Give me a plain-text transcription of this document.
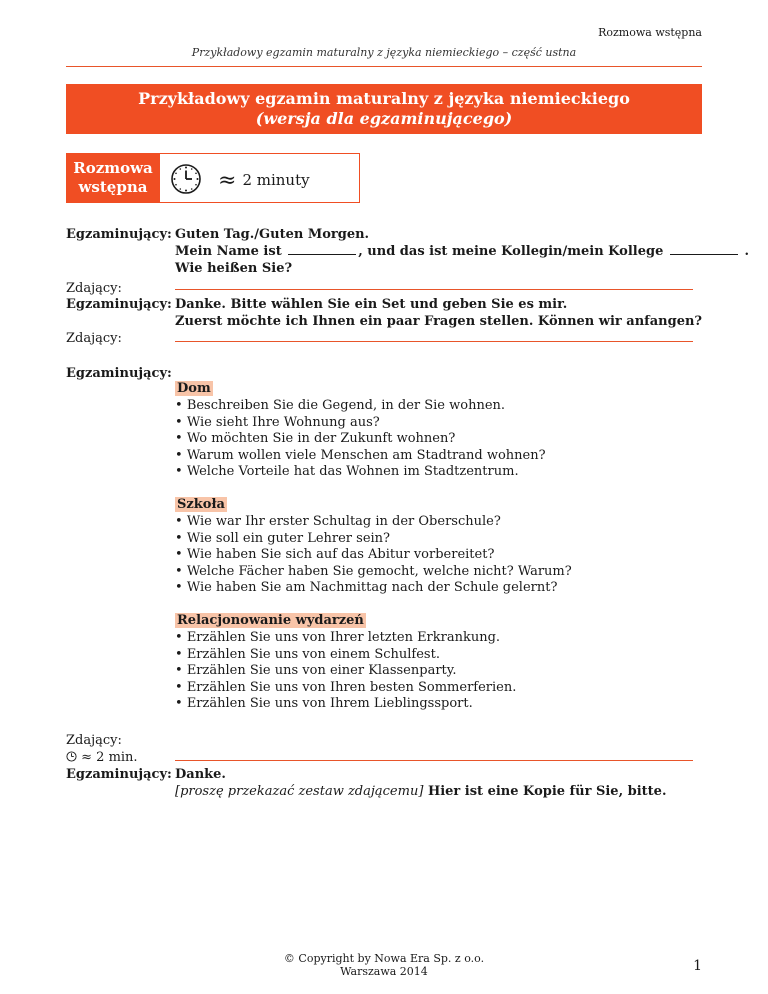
Rozmowa wstępna
Przykładowy egzamin maturalny z języka niemieckiego – część ustna
Przykładowy egzamin maturalny z języka niemieckiego
(wersja dla egzaminującego)
Rozmowa
wstępna	≈ 2 minuty
Egzaminujący: Guten Tag./Guten Morgen.
Mein Name ist	, und das ist meine Kollegin/mein Kollege	.
Wie heißen Sie?
Zdający:
Egzaminujący: Danke. Bitte wählen Sie ein Set und geben Sie es mir.
Zuerst möchte ich Ihnen ein paar Fragen stellen. Können wir anfangen?
Zdający:
Egzaminujący:
Dom
• Beschreiben Sie die Gegend, in der Sie wohnen.
• Wie sieht Ihre Wohnung aus?
• Wo möchten Sie in der Zukunft wohnen?
• Warum wollen viele Menschen am Stadtrand wohnen?
• Welche Vorteile hat das Wohnen im Stadtzentrum.
Szkoła
• Wie war Ihr erster Schultag in der Oberschule?
• Wie soll ein guter Lehrer sein?
• Wie haben Sie sich auf das Abitur vorbereitet?
• Welche Fächer haben Sie gemocht, welche nicht? Warum?
• Wie haben Sie am Nachmittag nach der Schule gelernt?
Relacjonowanie wydarzeń
• Erzählen Sie uns von Ihrer letzten Erkrankung.
• Erzählen Sie uns von einem Schulfest.
• Erzählen Sie uns von einer Klassenparty.
• Erzählen Sie uns von Ihren besten Sommerferien.
• Erzählen Sie uns von Ihrem Lieblingssport.
Zdający:
≈ 2 min.
Egzaminujący: Danke.
[proszę przekazać zestaw zdającemu] Hier ist eine Kopie für Sie, bitte.
© Copyright by Nowa Era Sp. z o.o.
Warszawa 2014	1
